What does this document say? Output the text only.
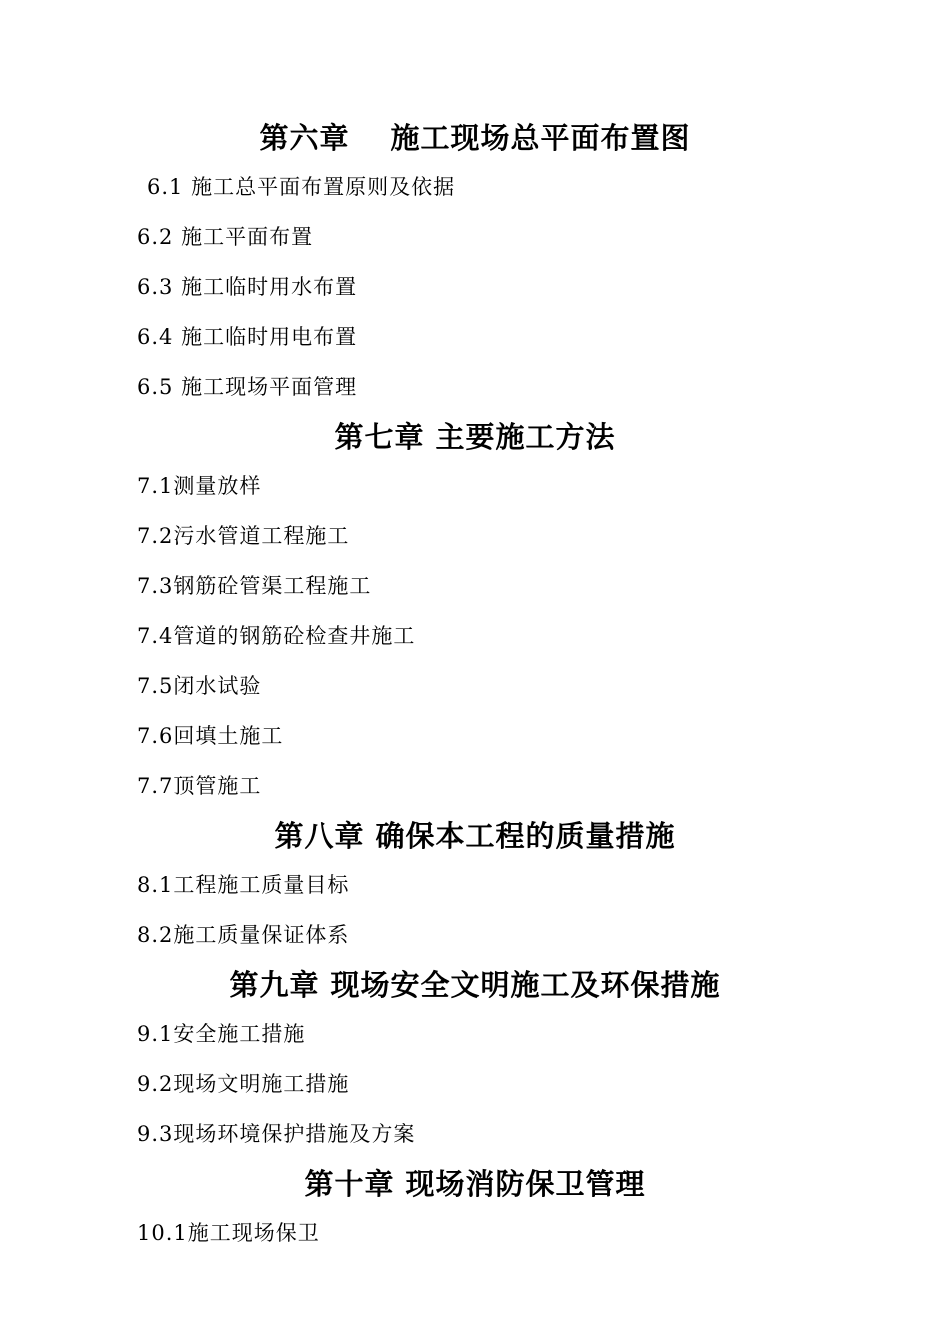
第六章　 施工现场总平面布置图
6.1 施工总平面布置原则及依据
6.2 施工平面布置
6.3 施工临时用水布置
6.4 施工临时用电布置
6.5 施工现场平面管理
第七章 主要施工方法
7.1测量放样
7.2污水管道工程施工
7.3钢筋砼管渠工程施工
7.4管道的钢筋砼检查井施工
7.5闭水试验
7.6回填土施工
7.7顶管施工
第八章 确保本工程的质量措施
8.1工程施工质量目标
8.2施工质量保证体系
第九章 现场安全文明施工及环保措施
9.1安全施工措施
9.2现场文明施工措施
9.3现场环境保护措施及方案
第十章 现场消防保卫管理
10.1施工现场保卫
